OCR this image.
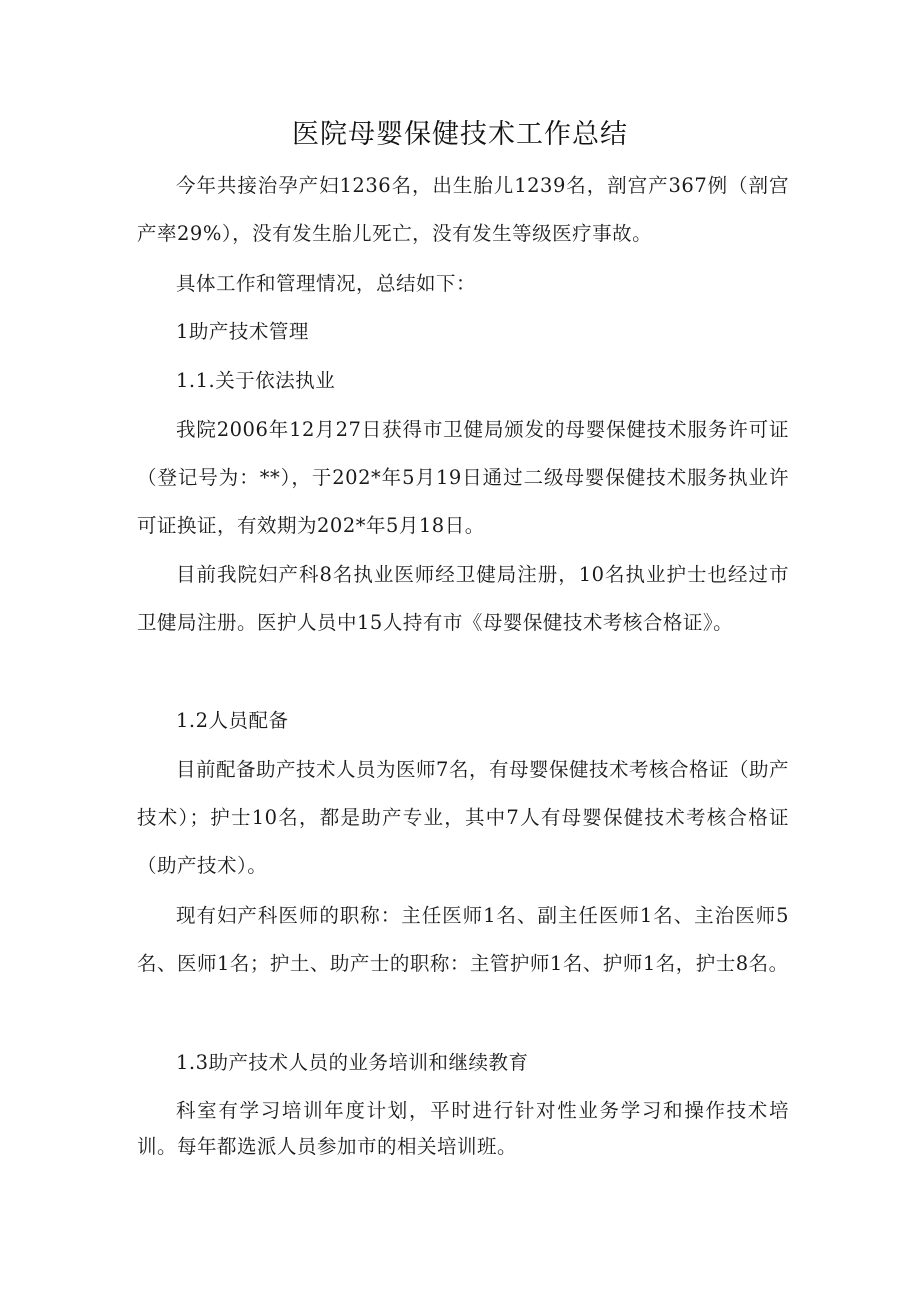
医院母婴保健技术工作总结

今年共接治孕产妇1236名，出生胎儿1239名，剖宫产367例（剖宫产率29%），没有发生胎儿死亡，没有发生等级医疗事故。

具体工作和管理情况，总结如下：

1助产技术管理

1.1.关于依法执业

我院2006年12月27日获得市卫健局颁发的母婴保健技术服务许可证（登记号为：**），于202*年5月19日通过二级母婴保健技术服务执业许可证换证，有效期为202*年5月18日。

目前我院妇产科8名执业医师经卫健局注册，10名执业护士也经过市卫健局注册。医护人员中15人持有市《母婴保健技术考核合格证》。

1.2人员配备

目前配备助产技术人员为医师7名，有母婴保健技术考核合格证（助产技术）；护士10名，都是助产专业，其中7人有母婴保健技术考核合格证（助产技术）。

现有妇产科医师的职称：主任医师1名、副主任医师1名、主治医师5名、医师1名；护土、助产士的职称：主管护师1名、护师1名，护士8名。

1.3助产技术人员的业务培训和继续教育

科室有学习培训年度计划，平时进行针对性业务学习和操作技术培训。每年都选派人员参加市的相关培训班。
